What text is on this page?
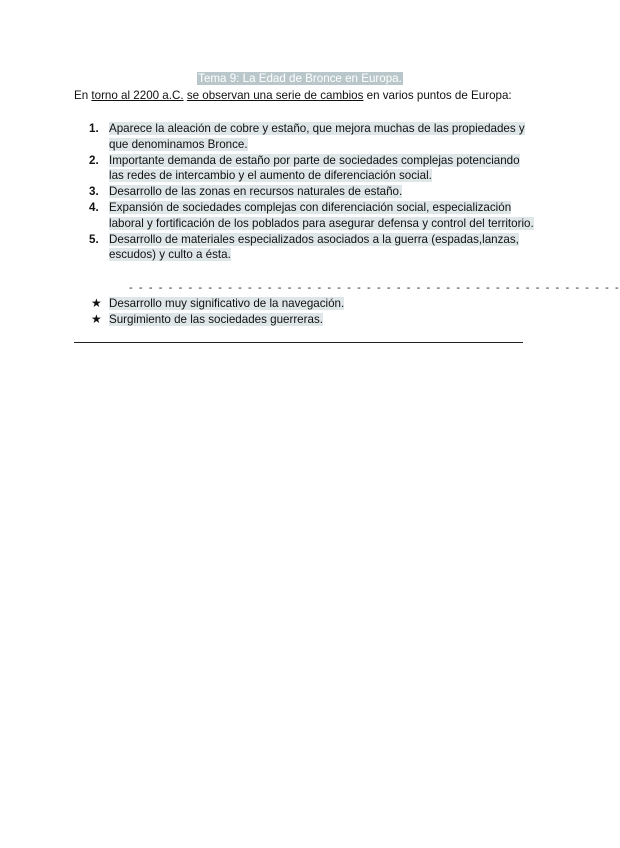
Tema 9: La Edad de Bronce en Europa.
En torno al 2200 a.C. se observan una serie de cambios en varios puntos de Europa:
1. Aparece la aleación de cobre y estaño, que mejora muchas de las propiedades y que denominamos Bronce.
2. Importante demanda de estaño por parte de sociedades complejas potenciando las redes de intercambio y el aumento de diferenciación social.
3. Desarrollo de las zonas en recursos naturales de estaño.
4. Expansión de sociedades complejas con diferenciación social, especialización laboral y fortificación de los poblados para asegurar defensa y control del territorio.
5. Desarrollo de materiales especializados asociados a la guerra (espadas,lanzas, escudos) y culto a ésta.
- - - - - - - - - - - - - - - - - - - - - - - - - - - - - - - - - - - - - - - - - - - - - - - - - -
★ Desarrollo muy significativo de la navegación.
★ Surgimiento de las sociedades guerreras.
